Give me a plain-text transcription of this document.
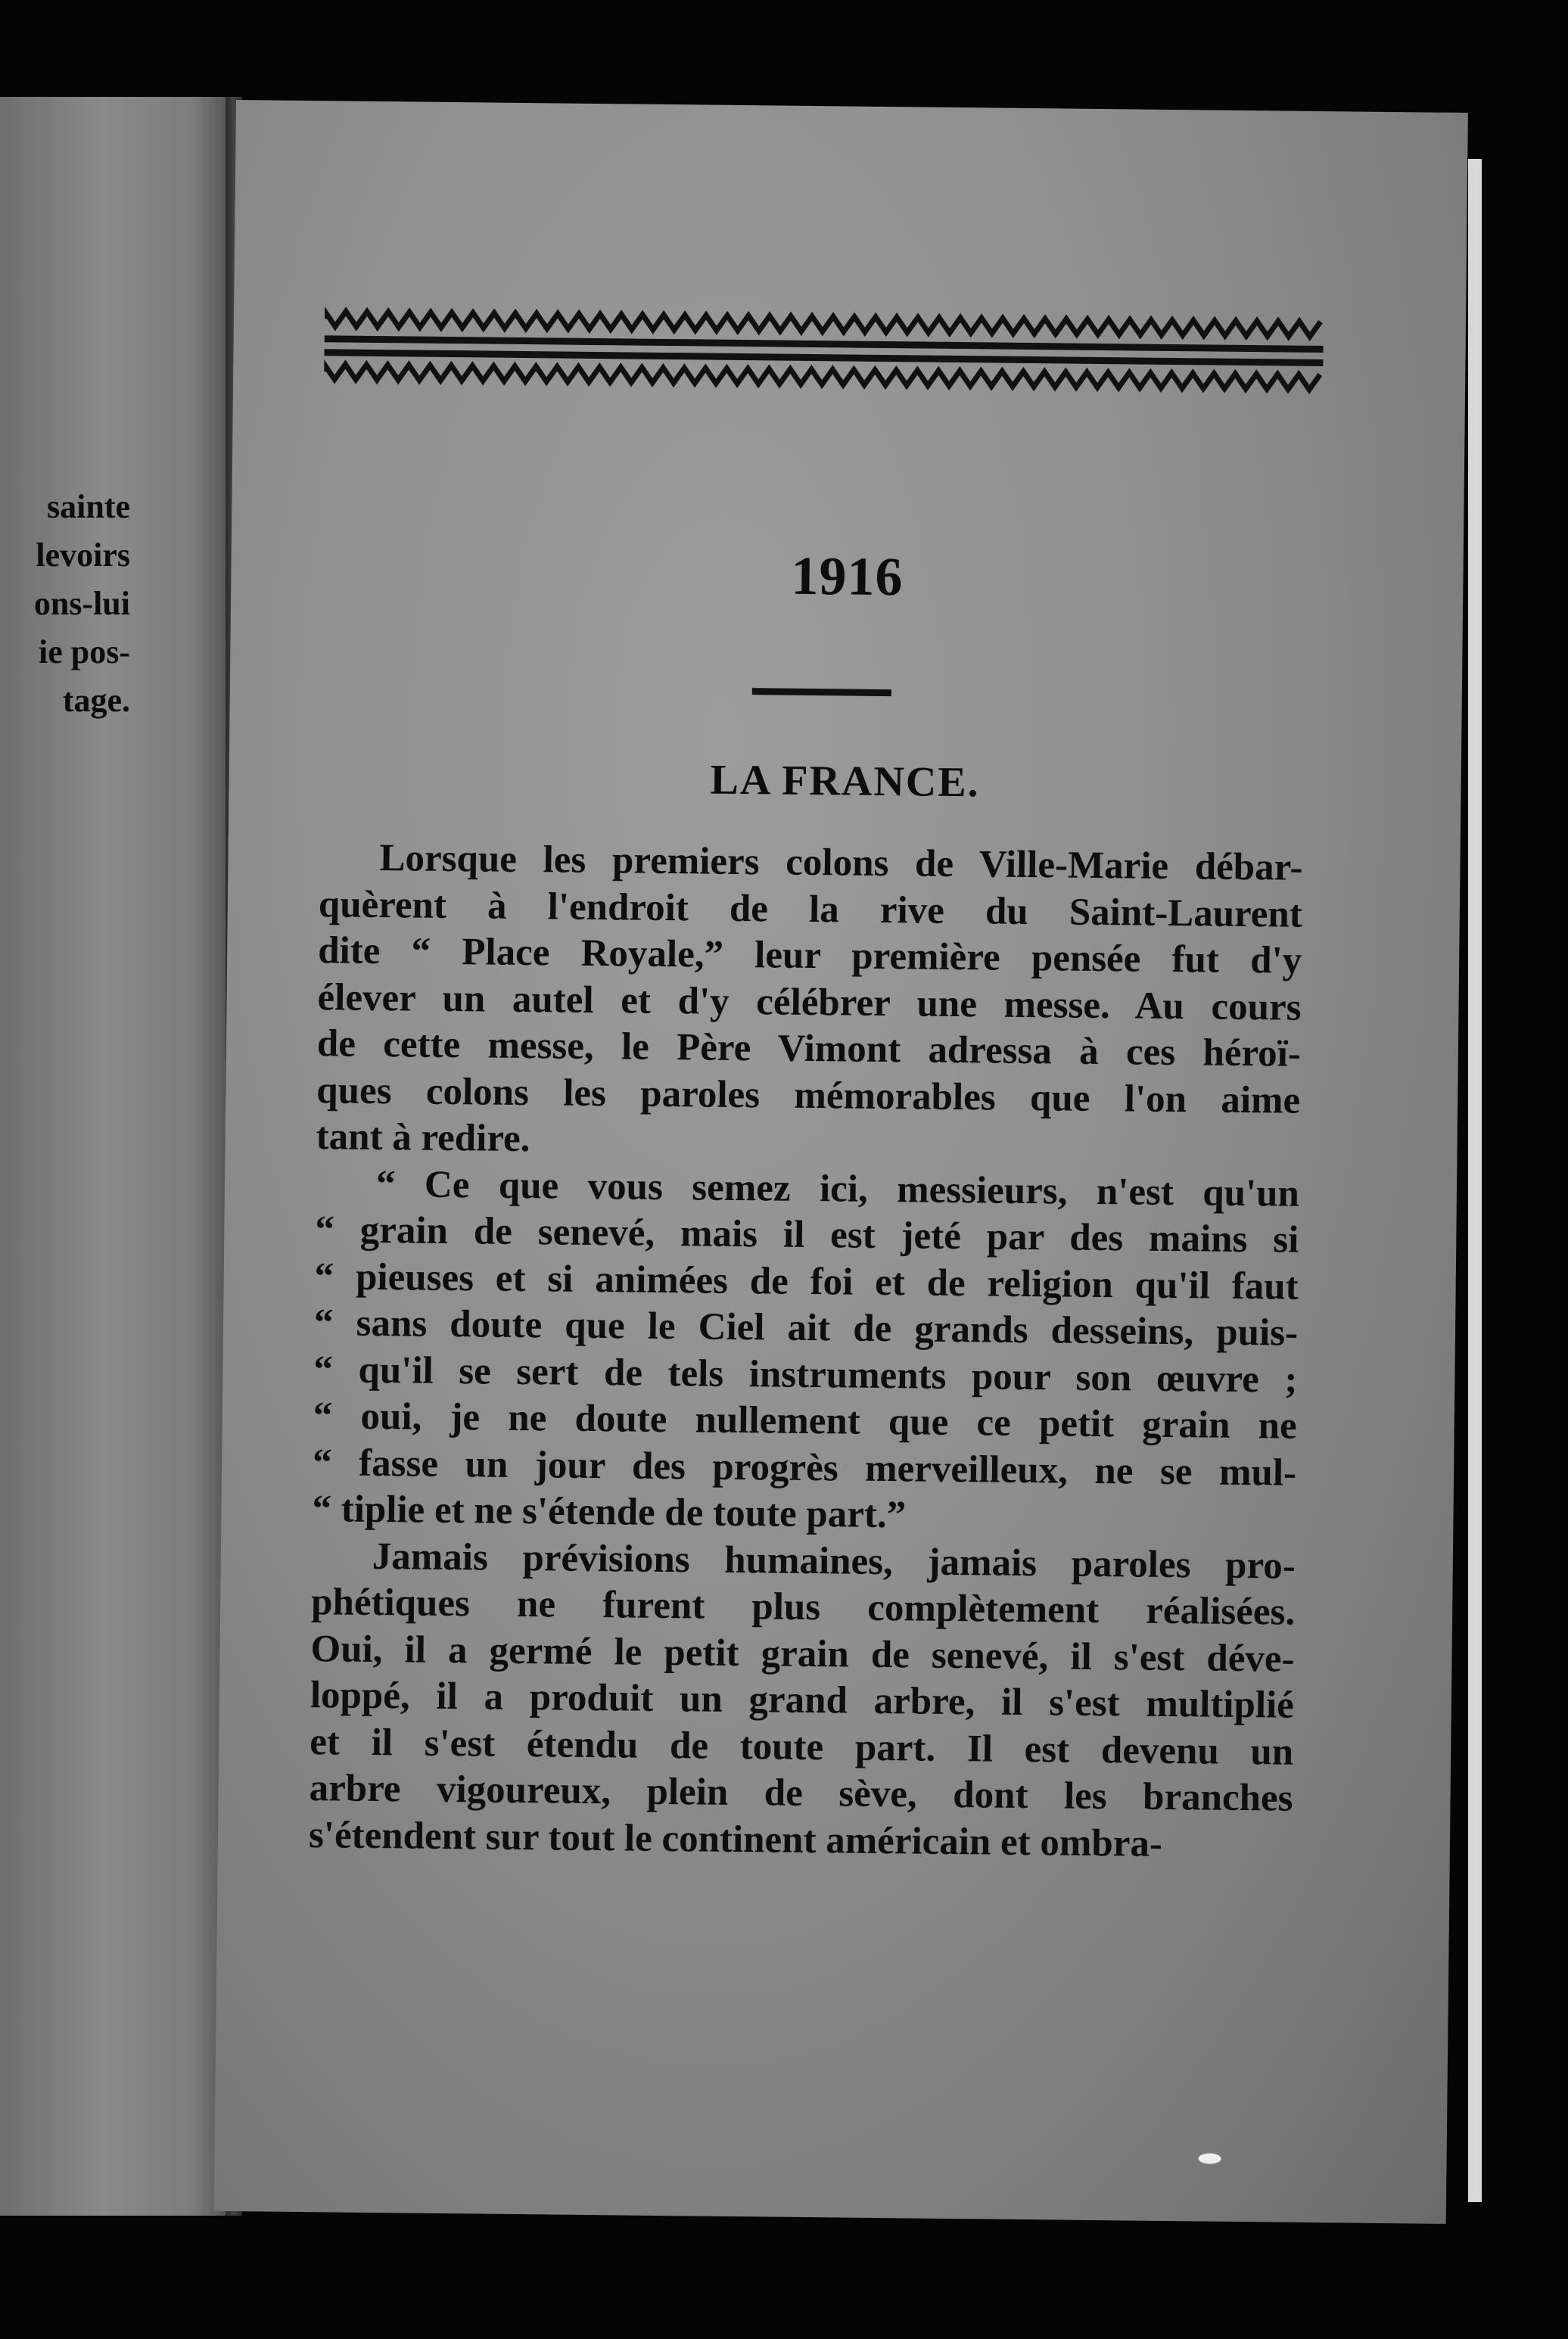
sainte
levoirs
ons-lui
ie pos-
tage.
1916
LA FRANCE.
Lorsque les premiers colons de Ville-Marie débar-
quèrent à l'endroit de la rive du Saint-Laurent
dite “ Place Royale,” leur première pensée fut d'y
élever un autel et d'y célébrer une messe. Au cours
de cette messe, le Père Vimont adressa à ces héroï-
ques colons les paroles mémorables que l'on aime
tant à redire.
“ Ce que vous semez ici, messieurs, n'est qu'un
“ grain de senevé, mais il est jeté par des mains si
“ pieuses et si animées de foi et de religion qu'il faut
“ sans doute que le Ciel ait de grands desseins, puis-
“ qu'il se sert de tels instruments pour son œuvre ;
“ oui, je ne doute nullement que ce petit grain ne
“ fasse un jour des progrès merveilleux, ne se mul-
“ tiplie et ne s'étende de toute part.”
Jamais prévisions humaines, jamais paroles pro-
phétiques ne furent plus complètement réalisées.
Oui, il a germé le petit grain de senevé, il s'est déve-
loppé, il a produit un grand arbre, il s'est multiplié
et il s'est étendu de toute part. Il est devenu un
arbre vigoureux, plein de sève, dont les branches
s'étendent sur tout le continent américain et ombra-
